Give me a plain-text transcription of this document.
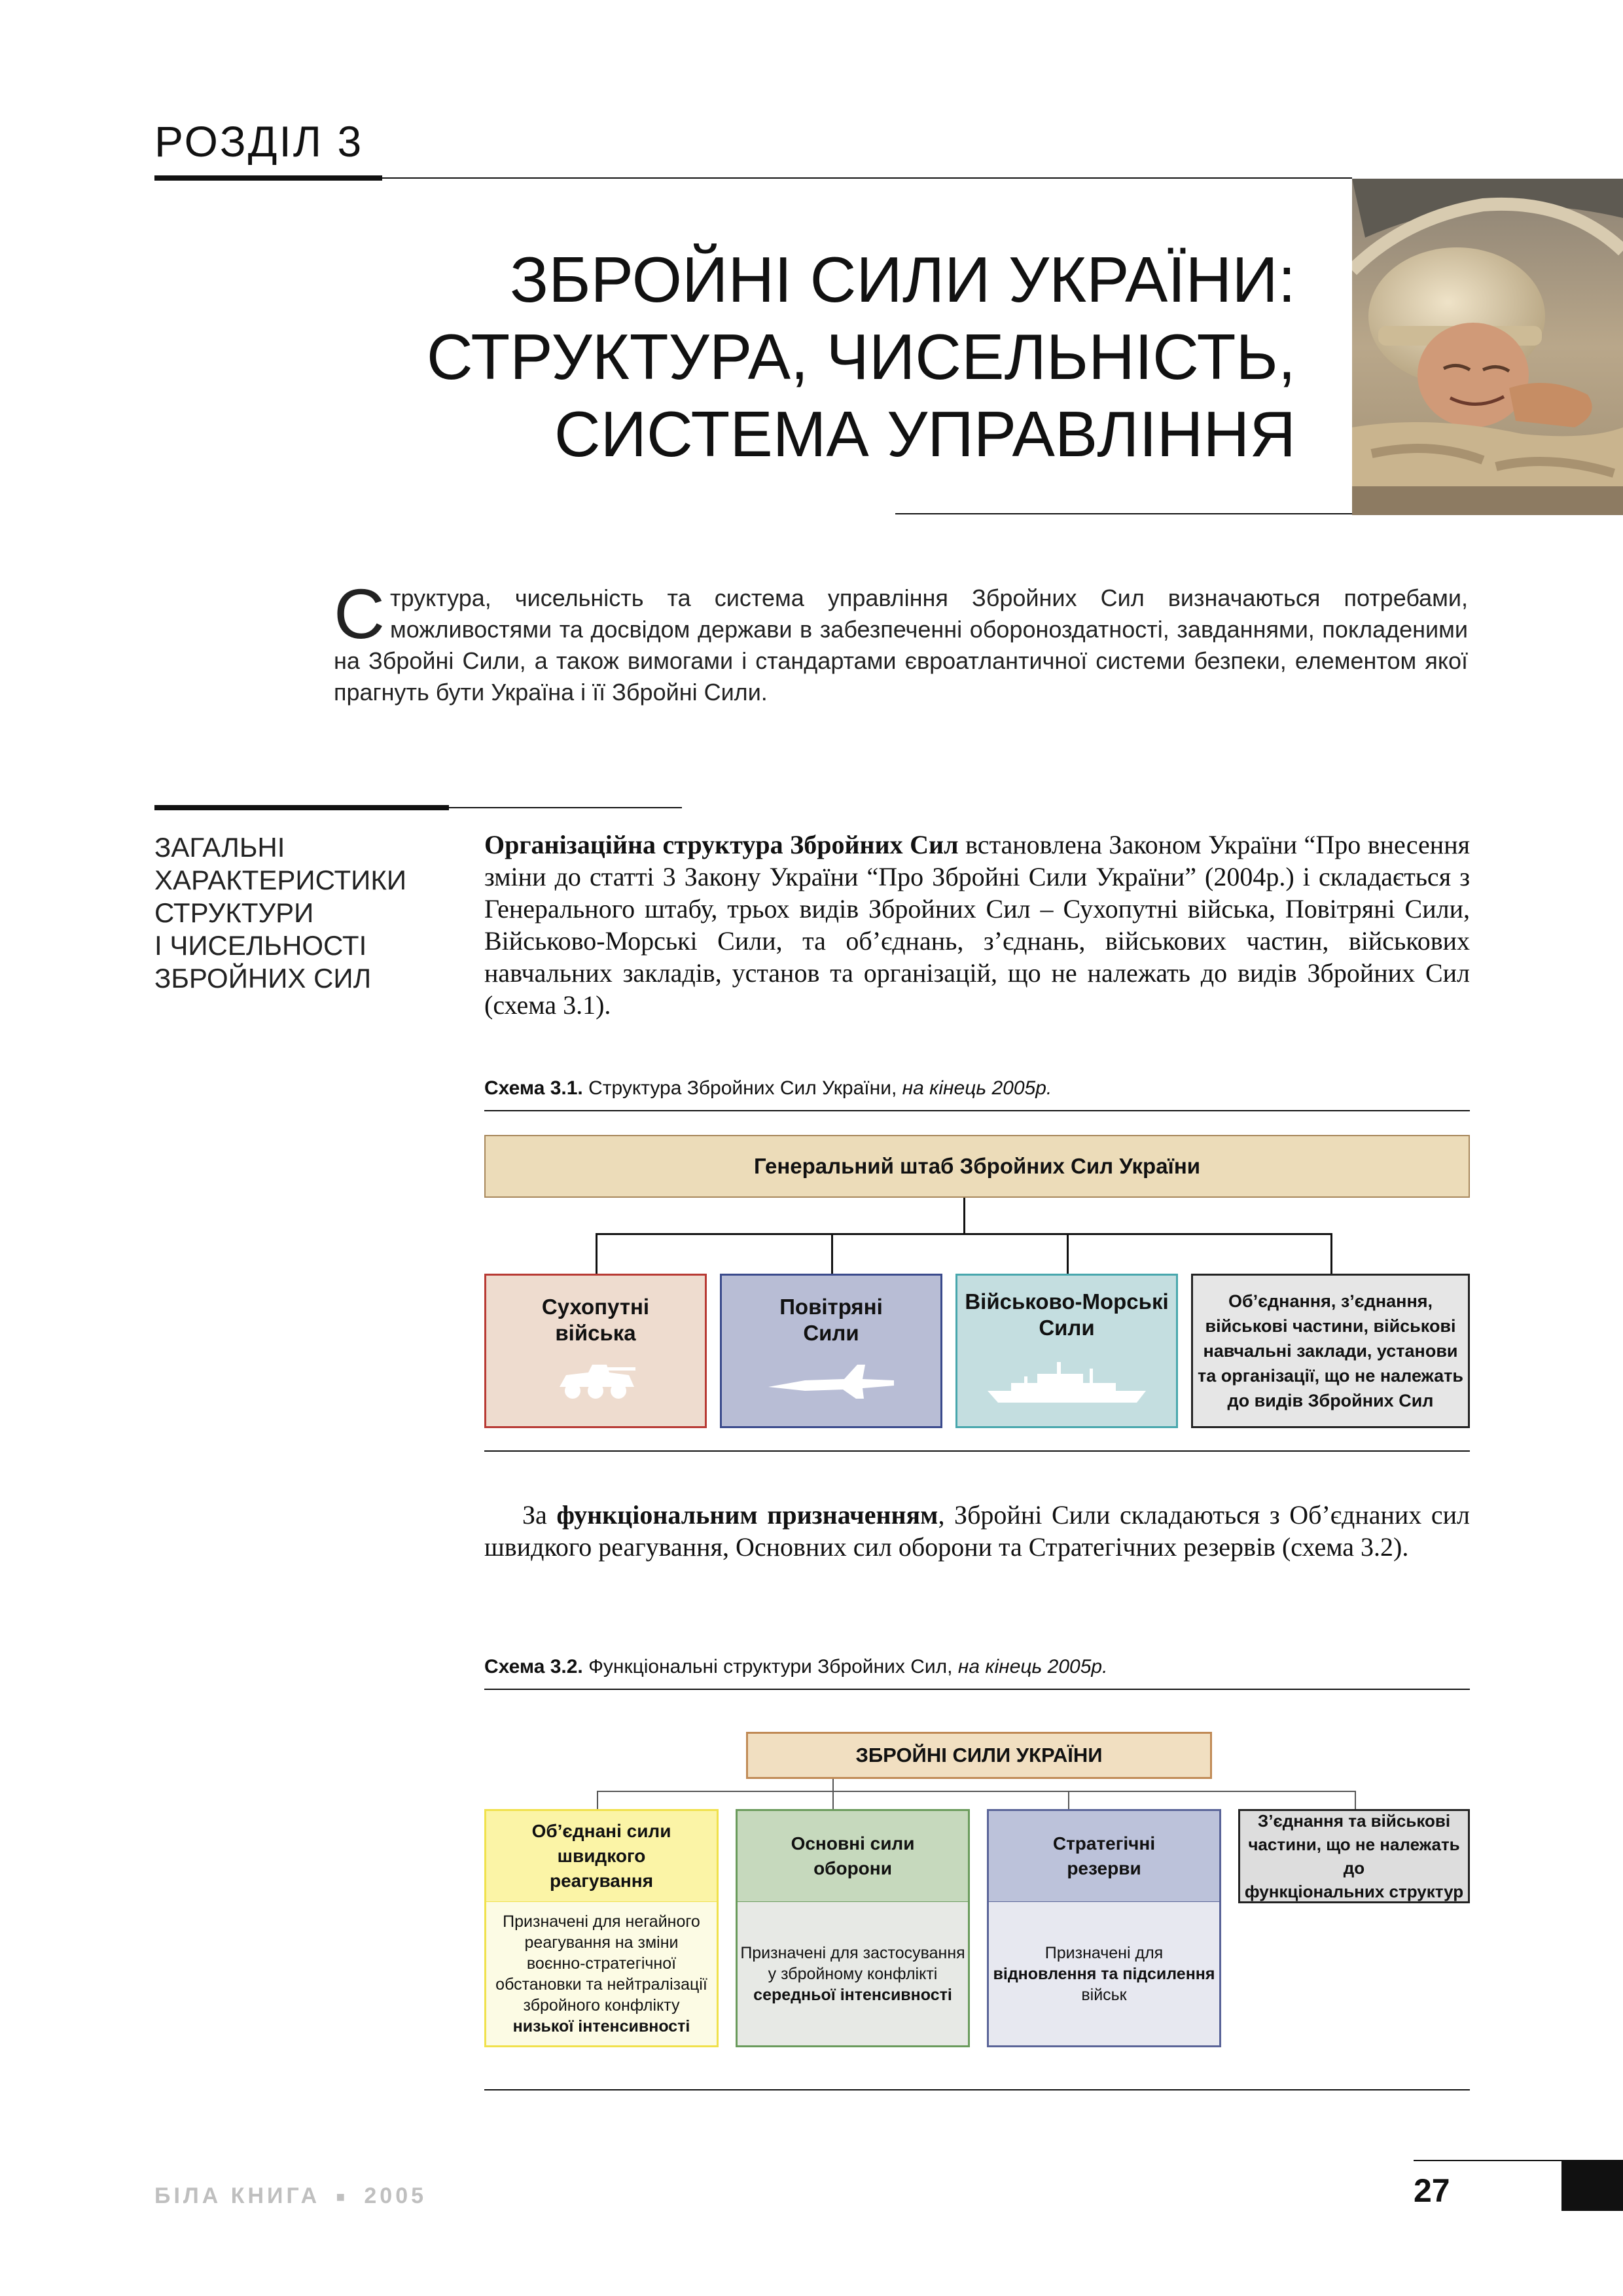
РОЗДІЛ 3
ЗБРОЙНІ СИЛИ УКРАЇНИ:
СТРУКТУРА, ЧИСЕЛЬНІСТЬ,
СИСТЕМА УПРАВЛІННЯ
Структура, чисельність та система управління Збройних Сил визначаються потребами, можливостями та досвідом держави в забезпеченні обороноздатності, завданнями, покладеними на Збройні Сили, а також вимогами і стандартами євроатлантичної системи безпеки, елементом якої прагнуть бути Україна і її Збройні Сили.
ЗАГАЛЬНІ
ХАРАКТЕРИСТИКИ
СТРУКТУРИ
І ЧИСЕЛЬНОСТІ
ЗБРОЙНИХ СИЛ
Організаційна структура Збройних Сил встановлена Законом України “Про внесення зміни до статті 3 Закону України “Про Збройні Сили України” (2004р.) і складається з Генерального штабу, трьох видів Збройних Сил – Сухопутні війська, Повітряні Сили, Військово-Морські Сили, та об’єднань, з’єднань, військових частин, військових навчальних закладів, установ та організацій, що не належать до видів Збройних Сил (схема 3.1).
Схема 3.1. Структура Збройних Сил України, на кінець 2005р.
Генеральний штаб Збройних Сил України
Сухопутні
війська
Повітряні
Сили
Військово-Морські
Сили
Об’єднання, з’єднання,
військові частини, військові
навчальні заклади, установи
та організації, що не належать
до видів Збройних Сил
За функціональним призначенням, Збройні Сили складаються з Об’єднаних сил швидкого реагування, Основних сил оборони та Стратегічних резервів (схема 3.2).
Схема 3.2. Функціональні структури Збройних Сил, на кінець 2005р.
ЗБРОЙНІ СИЛИ УКРАЇНИ
Об’єднані сили
швидкого
реагування
Призначені для негайного
реагування на зміни
воєнно-стратегічної
обстановки та нейтралізації
збройного конфлікту
низької інтенсивності
Основні сили
оборони
Призначені для застосування
у збройному конфлікті
середньої інтенсивності
Стратегічні
резерви
Призначені для
відновлення та підсилення
військ
З’єднання та військові
частини, що не належать до
функціональних структур
БІЛА КНИГА ■ 2005	27
